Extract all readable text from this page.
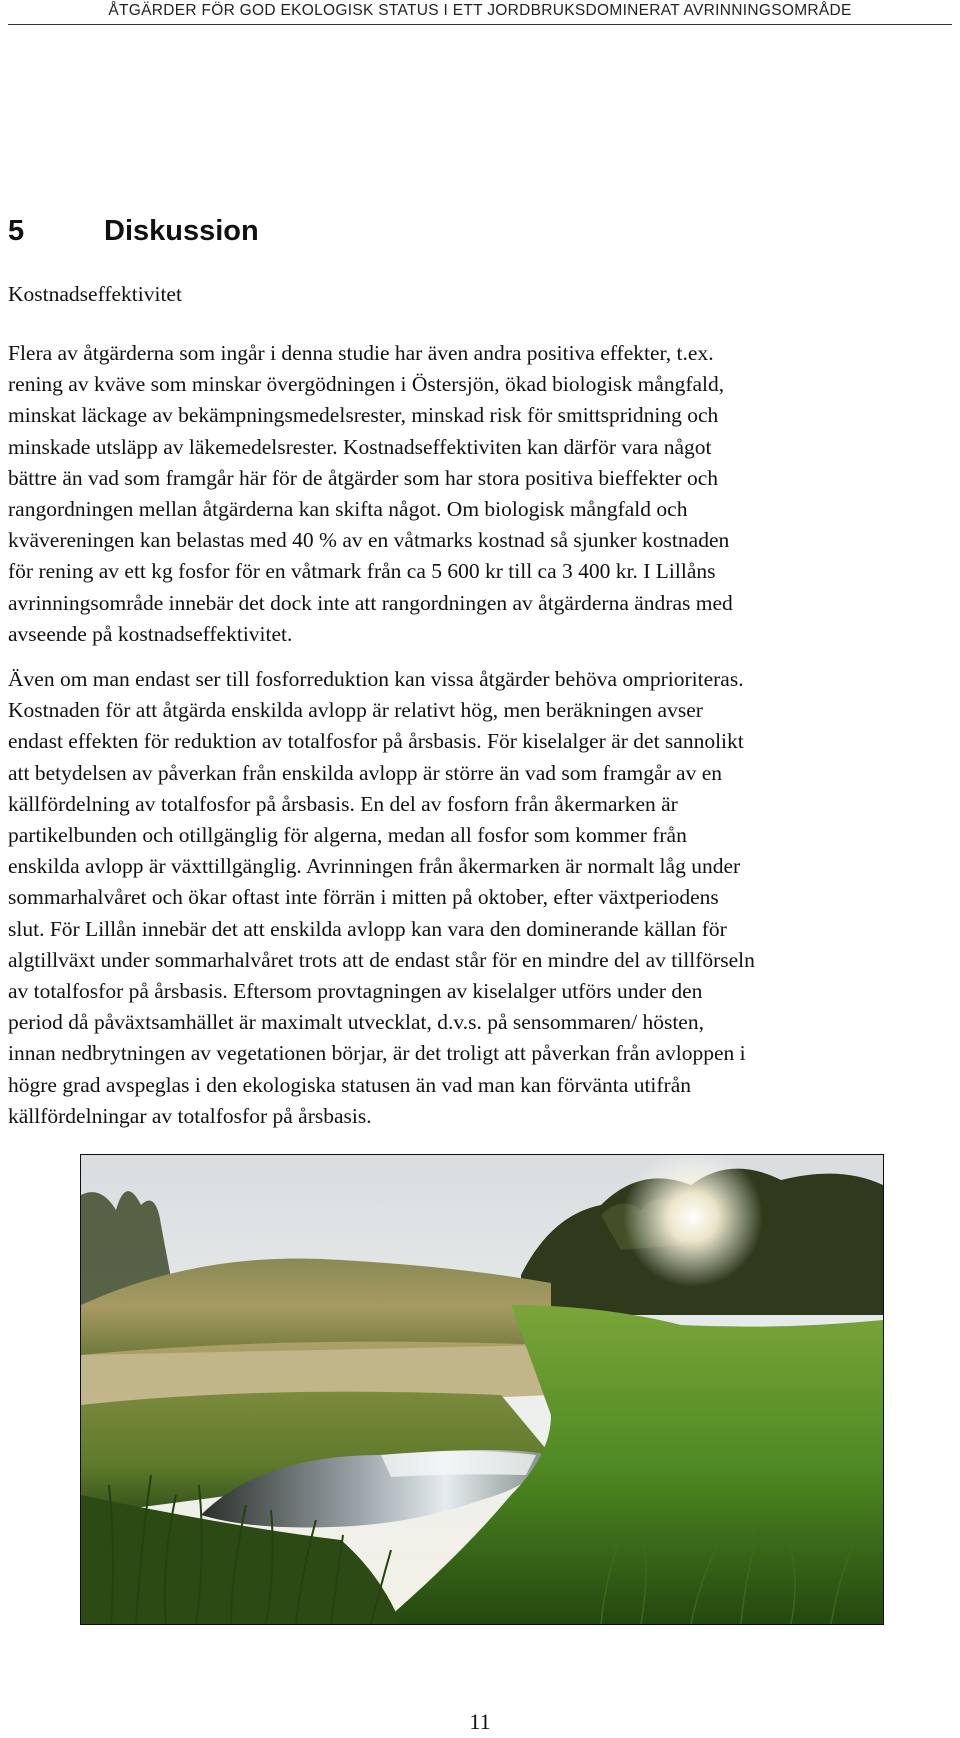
ÅTGÄRDER FÖR GOD EKOLOGISK STATUS I ETT JORDBRUKSDOMINERAT AVRINNINGSOMRÅDE
5	Diskussion
Kostnadseffektivitet

Flera av åtgärderna som ingår i denna studie har även andra positiva effekter, t.ex.

rening av kväve som minskar övergödningen i Östersjön, ökad biologisk mångfald,

minskat läckage av bekämpningsmedelsrester, minskad risk för smittspridning och

minskade utsläpp av läkemedelsrester. Kostnadseffektiviten kan därför vara något

bättre än vad som framgår här för de åtgärder som har stora positiva bieffekter och

rangordningen mellan åtgärderna kan skifta något. Om biologisk mångfald och

kvävereningen kan belastas med 40 % av en våtmarks kostnad så sjunker kostnaden

för rening av ett kg fosfor för en våtmark från ca 5 600 kr till ca 3 400 kr. I Lillåns

avrinningsområde innebär det dock inte att rangordningen av åtgärderna ändras med

avseende på kostnadseffektivitet.

Även om man endast ser till fosforreduktion kan vissa åtgärder behöva omprioriteras.

Kostnaden för att åtgärda enskilda avlopp är relativt hög, men beräkningen avser

endast effekten för reduktion av totalfosfor på årsbasis. För kiselalger är det sannolikt

att betydelsen av påverkan från enskilda avlopp är större än vad som framgår av en

källfördelning av totalfosfor på årsbasis. En del av fosforn från åkermarken är

partikelbunden och otillgänglig för algerna, medan all fosfor som kommer från

enskilda avlopp är växttillgänglig. Avrinningen från åkermarken är normalt låg under

sommarhalvåret och ökar oftast inte förrän i mitten på oktober, efter växtperiodens

slut. För Lillån innebär det att enskilda avlopp kan vara den dominerande källan för

algtillväxt under sommarhalvåret trots att de endast står för en mindre del av tillförseln

av totalfosfor på årsbasis. Eftersom provtagningen av kiselalger utförs under den

period då påväxtsamhället är maximalt utvecklat, d.v.s. på sensommaren/ hösten,

innan nedbrytningen av vegetationen börjar, är det troligt att påverkan från avloppen i

högre grad avspeglas i den ekologiska statusen än vad man kan förvänta utifrån

källfördelningar av totalfosfor på årsbasis.

11
